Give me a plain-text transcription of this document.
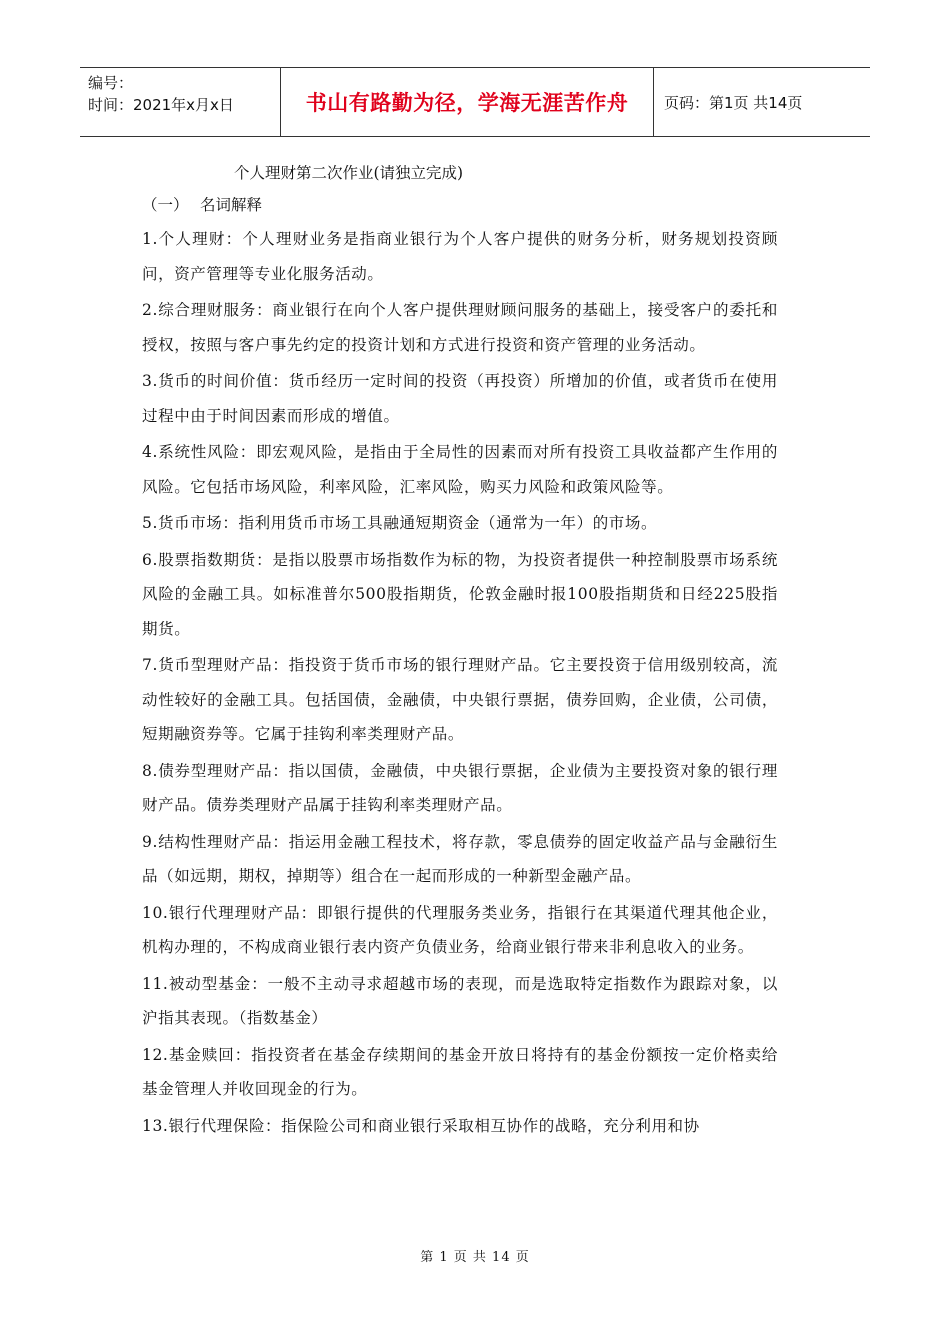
编号：
时间：2021年x月x日	书山有路勤为径，学海无涯苦作舟	页码：第1页 共14页

个人理财第二次作业(请独立完成)

（一） 名词解释

1.个人理财：个人理财业务是指商业银行为个人客户提供的财务分析，财务规划投资顾问，资产管理等专业化服务活动。

2.综合理财服务：商业银行在向个人客户提供理财顾问服务的基础上，接受客户的委托和授权，按照与客户事先约定的投资计划和方式进行投资和资产管理的业务活动。

3.货币的时间价值：货币经历一定时间的投资（再投资）所增加的价值，或者货币在使用过程中由于时间因素而形成的增值。

4.系统性风险：即宏观风险，是指由于全局性的因素而对所有投资工具收益都产生作用的风险。它包括市场风险，利率风险，汇率风险，购买力风险和政策风险等。

5.货币市场：指利用货币市场工具融通短期资金（通常为一年）的市场。

6.股票指数期货：是指以股票市场指数作为标的物，为投资者提供一种控制股票市场系统风险的金融工具。如标准普尔500股指期货，伦敦金融时报100股指期货和日经225股指期货。

7.货币型理财产品：指投资于货币市场的银行理财产品。它主要投资于信用级别较高，流动性较好的金融工具。包括国债，金融债，中央银行票据，债券回购，企业债，公司债，短期融资券等。它属于挂钩利率类理财产品。

8.债券型理财产品：指以国债，金融债，中央银行票据，企业债为主要投资对象的银行理财产品。债券类理财产品属于挂钩利率类理财产品。

9.结构性理财产品：指运用金融工程技术，将存款，零息债券的固定收益产品与金融衍生品（如远期，期权，掉期等）组合在一起而形成的一种新型金融产品。

10.银行代理理财产品：即银行提供的代理服务类业务，指银行在其渠道代理其他企业，机构办理的，不构成商业银行表内资产负债业务，给商业银行带来非利息收入的业务。

11.被动型基金：一般不主动寻求超越市场的表现，而是选取特定指数作为跟踪对象，以沪指其表现。（指数基金）

12.基金赎回：指投资者在基金存续期间的基金开放日将持有的基金份额按一定价格卖给基金管理人并收回现金的行为。

13.银行代理保险：指保险公司和商业银行采取相互协作的战略，充分利用和协

第 1 页 共 14 页
